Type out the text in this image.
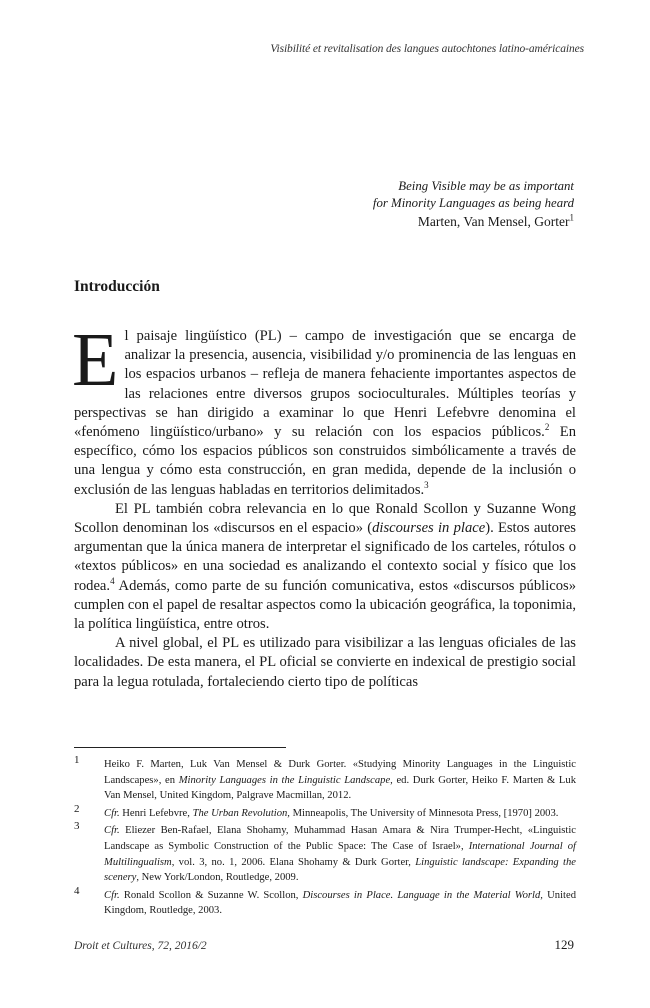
Visibilité et revitalisation des langues autochtones latino-américaines
Being Visible may be as important
for Minority Languages as being heard
Marten, Van Mensel, Gorter$^1$
Introducción

El paisaje lingüístico (PL) – campo de investigación que se encarga de analizar la presencia, ausencia, visibilidad y/o prominencia de las lenguas en los espacios urbanos – refleja de manera fehaciente importantes aspectos de las relaciones entre diversos grupos socioculturales. Múltiples teorías y perspectivas se han dirigido a examinar lo que Henri Lefebvre denomina el «fenómeno lingüístico/urbano» y su relación con los espacios públicos.$^2$ En específico, cómo los espacios públicos son construidos simbólicamente a través de una lengua y cómo esta construcción, en gran medida, depende de la inclusión o exclusión de las lenguas habladas en territorios delimitados.$^3$

El PL también cobra relevancia en lo que Ronald Scollon y Suzanne Wong Scollon denominan los «discursos en el espacio» (discourses in place). Estos autores argumentan que la única manera de interpretar el significado de los carteles, rótulos o «textos públicos» en una sociedad es analizando el contexto social y físico que los rodea.$^4$ Además, como parte de su función comunicativa, estos «discursos públicos» cumplen con el papel de resaltar aspectos como la ubicación geográfica, la toponimia, la política lingüística, entre otros.

A nivel global, el PL es utilizado para visibilizar a las lenguas oficiales de las localidades. De esta manera, el PL oficial se convierte en indexical de prestigio social para la legua rotulada, fortaleciendo cierto tipo de políticas

1	Heiko F. Marten, Luk Van Mensel & Durk Gorter. «Studying Minority Languages in the Linguistic Landscapes», en Minority Languages in the Linguistic Landscape, ed. Durk Gorter, Heiko F. Marten & Luk Van Mensel, United Kingdom, Palgrave Macmillan, 2012.
2	Cfr. Henri Lefebvre, The Urban Revolution, Minneapolis, The University of Minnesota Press, [1970] 2003.
3	Cfr. Eliezer Ben-Rafael, Elana Shohamy, Muhammad Hasan Amara & Nira Trumper-Hecht, «Linguistic Landscape as Symbolic Construction of the Public Space: The Case of Israel», International Journal of Multilingualism, vol. 3, no. 1, 2006. Elana Shohamy & Durk Gorter, Linguistic landscape: Expanding the scenery, New York/London, Routledge, 2009.
4	Cfr. Ronald Scollon & Suzanne W. Scollon, Discourses in Place. Language in the Material World, United Kingdom, Routledge, 2003.
Droit et Cultures, 72, 2016/2	129
